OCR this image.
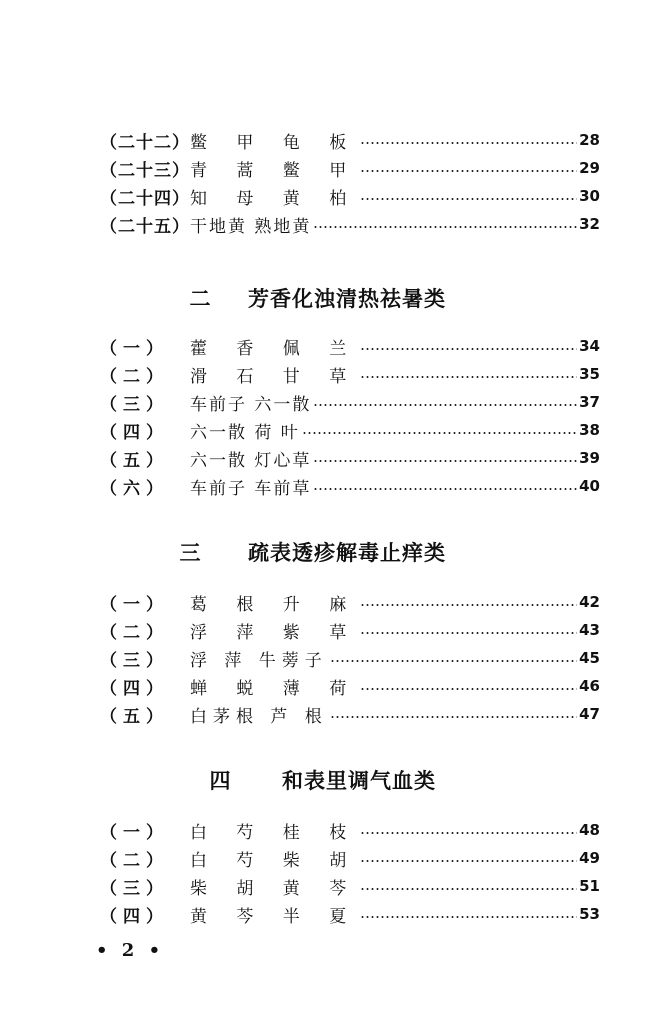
（二十二） 鳖 甲 龟 板	28
（二十三） 青 蒿 鳖 甲	29
（二十四） 知 母 黄 柏	30
（二十五） 干地黄 熟地黄	32
二	芳香化浊清热祛暑类
（一）	藿 香 佩 兰	34
（二）	滑 石 甘 草	35
（三）	车前子 六一散	37
（四）	六一散 荷 叶	38
（五）	六一散 灯心草	39
（六）	车前子 车前草	40
三	疏表透疹解毒止痒类
（一）	葛 根 升 麻	42
（二）	浮 萍 紫 草	43
（三）	浮 萍 牛蒡子	45
（四）	蝉 蜕 薄 荷	46
（五）	白茅根 芦 根	47
四	和表里调气血类
（一）	白 芍 桂 枝	48
（二）	白 芍 柴 胡	49
（三）	柴 胡 黄 芩	51
（四）	黄 芩 半 夏	53
• 2 •
